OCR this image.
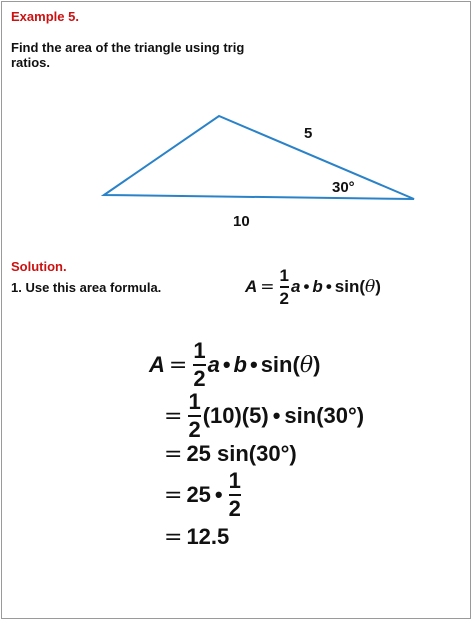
Example 5.
Find the area of the triangle using trig ratios.
5
30°
10
Solution.
1. Use this area formula.	A =
1
2
a • b • sin( θ )
A =
1
2
a • b • sin( θ )
=
1
2
(10)(5) • sin(30°)
= 25 sin(30°)
= 25 •
1
2
= 12.5
